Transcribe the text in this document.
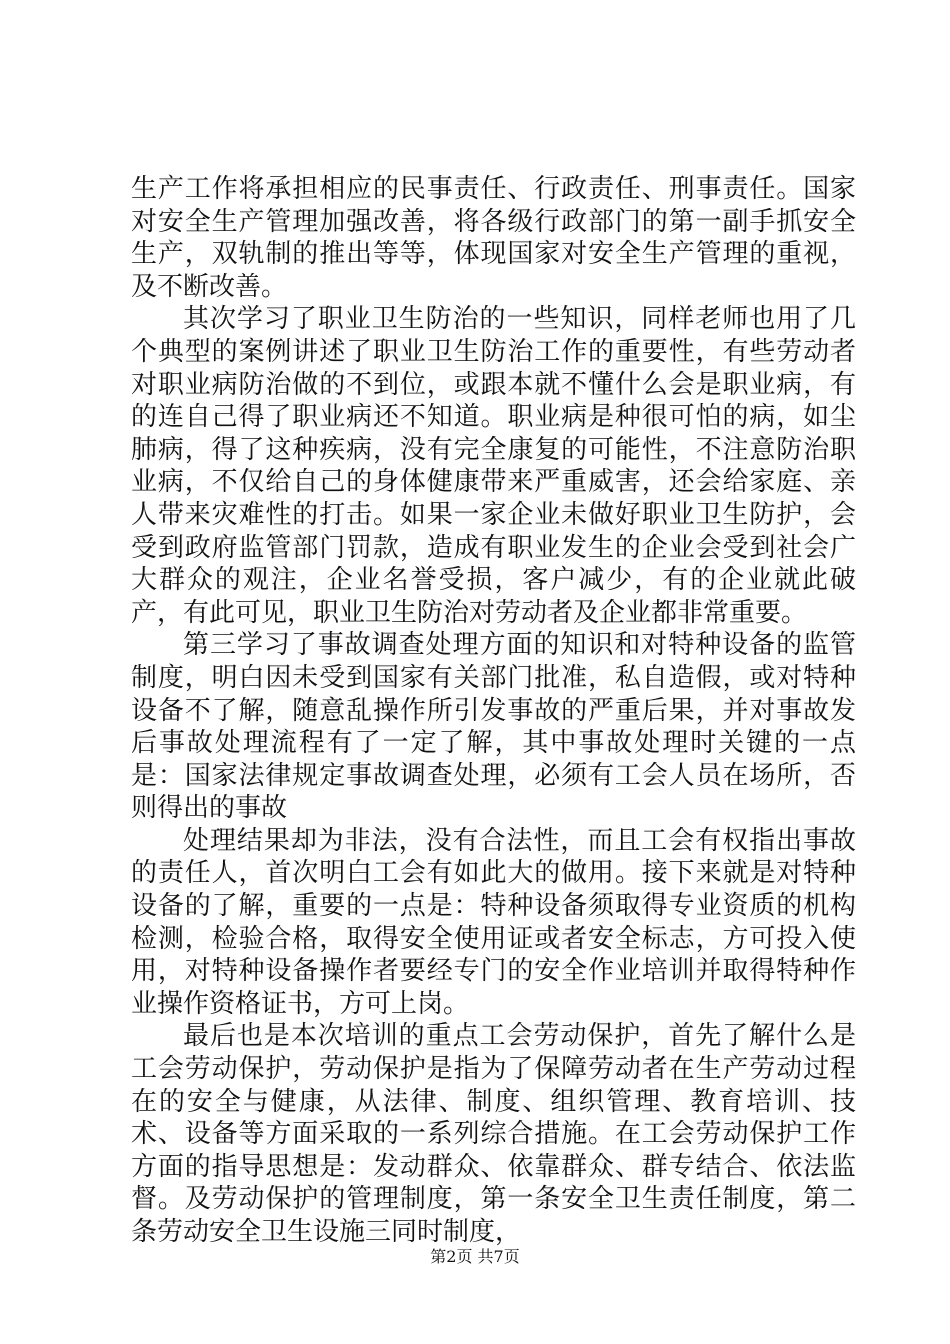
生产工作将承担相应的民事责任、行政责任、刑事责任。国家对安全生产管理加强改善，将各级行政部门的第一副手抓安全生产，双轨制的推出等等，体现国家对安全生产管理的重视，及不断改善。

其次学习了职业卫生防治的一些知识，同样老师也用了几个典型的案例讲述了职业卫生防治工作的重要性，有些劳动者对职业病防治做的不到位，或跟本就不懂什么会是职业病，有的连自己得了职业病还不知道。职业病是种很可怕的病，如尘肺病，得了这种疾病，没有完全康复的可能性，不注意防治职业病，不仅给自己的身体健康带来严重威害，还会给家庭、亲人带来灾难性的打击。如果一家企业未做好职业卫生防护，会受到政府监管部门罚款，造成有职业发生的企业会受到社会广大群众的观注，企业名誉受损，客户减少，有的企业就此破产，有此可见，职业卫生防治对劳动者及企业都非常重要。

第三学习了事故调查处理方面的知识和对特种设备的监管制度，明白因未受到国家有关部门批准，私自造假，或对特种设备不了解，随意乱操作所引发事故的严重后果，并对事故发后事故处理流程有了一定了解，其中事故处理时关键的一点是：国家法律规定事故调查处理，必须有工会人员在场所，否则得出的事故

处理结果却为非法，没有合法性，而且工会有权指出事故的责任人，首次明白工会有如此大的做用。接下来就是对特种设备的了解，重要的一点是：特种设备须取得专业资质的机构检测，检验合格，取得安全使用证或者安全标志，方可投入使用，对特种设备操作者要经专门的安全作业培训并取得特种作业操作资格证书，方可上岗。

最后也是本次培训的重点工会劳动保护，首先了解什么是工会劳动保护，劳动保护是指为了保障劳动者在生产劳动过程在的安全与健康，从法律、制度、组织管理、教育培训、技术、设备等方面采取的一系列综合措施。在工会劳动保护工作方面的指导思想是：发动群众、依靠群众、群专结合、依法监督。及劳动保护的管理制度，第一条安全卫生责任制度，第二条劳动安全卫生设施三同时制度，

第2页 共7页
